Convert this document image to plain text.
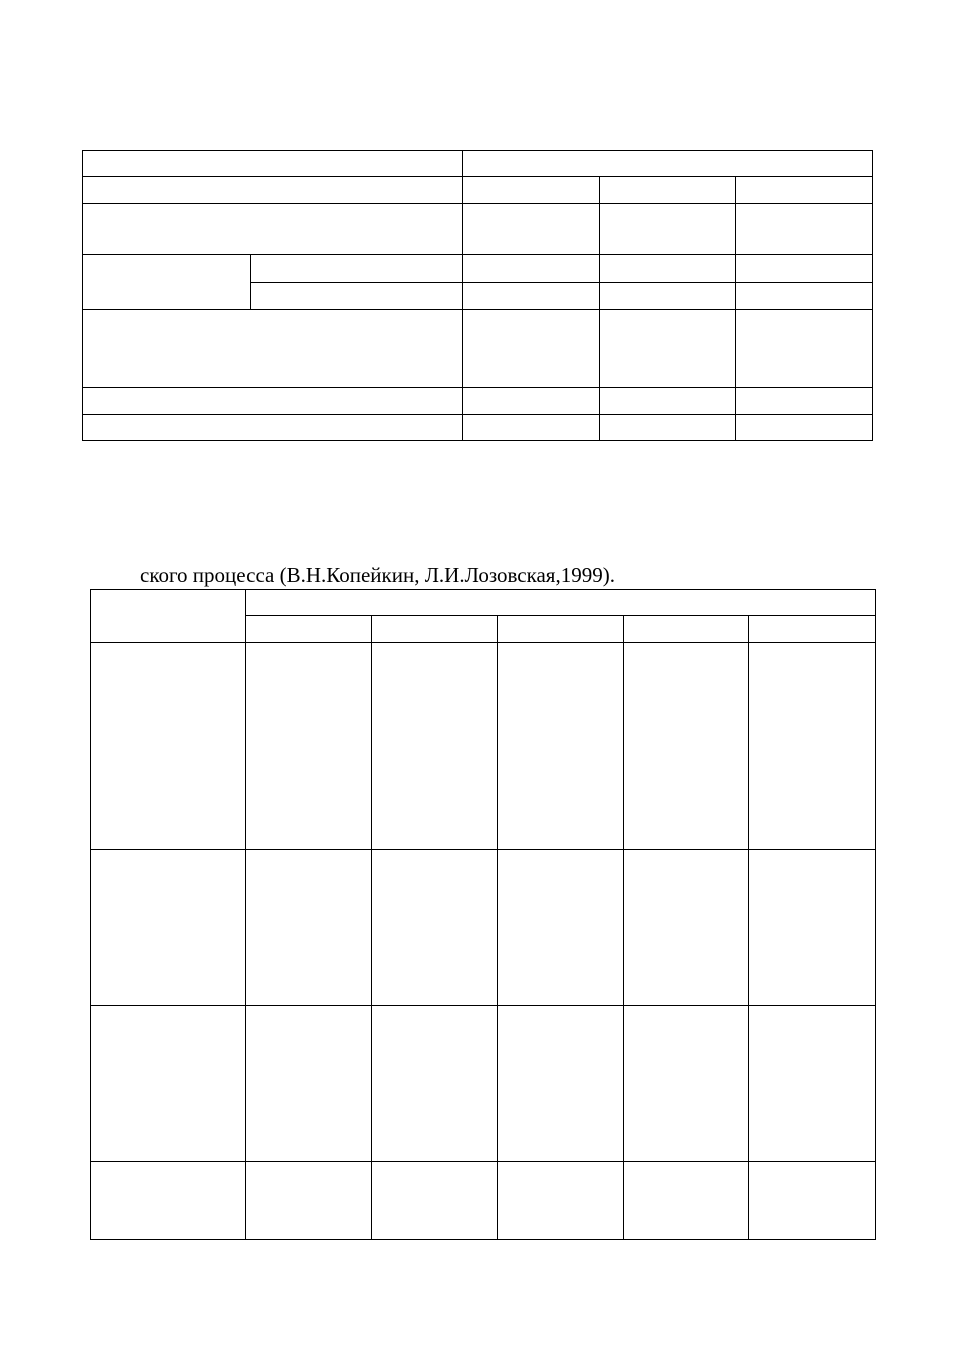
ского процесса (В.Н.Копейкин, Л.И.Лозовская,1999).
